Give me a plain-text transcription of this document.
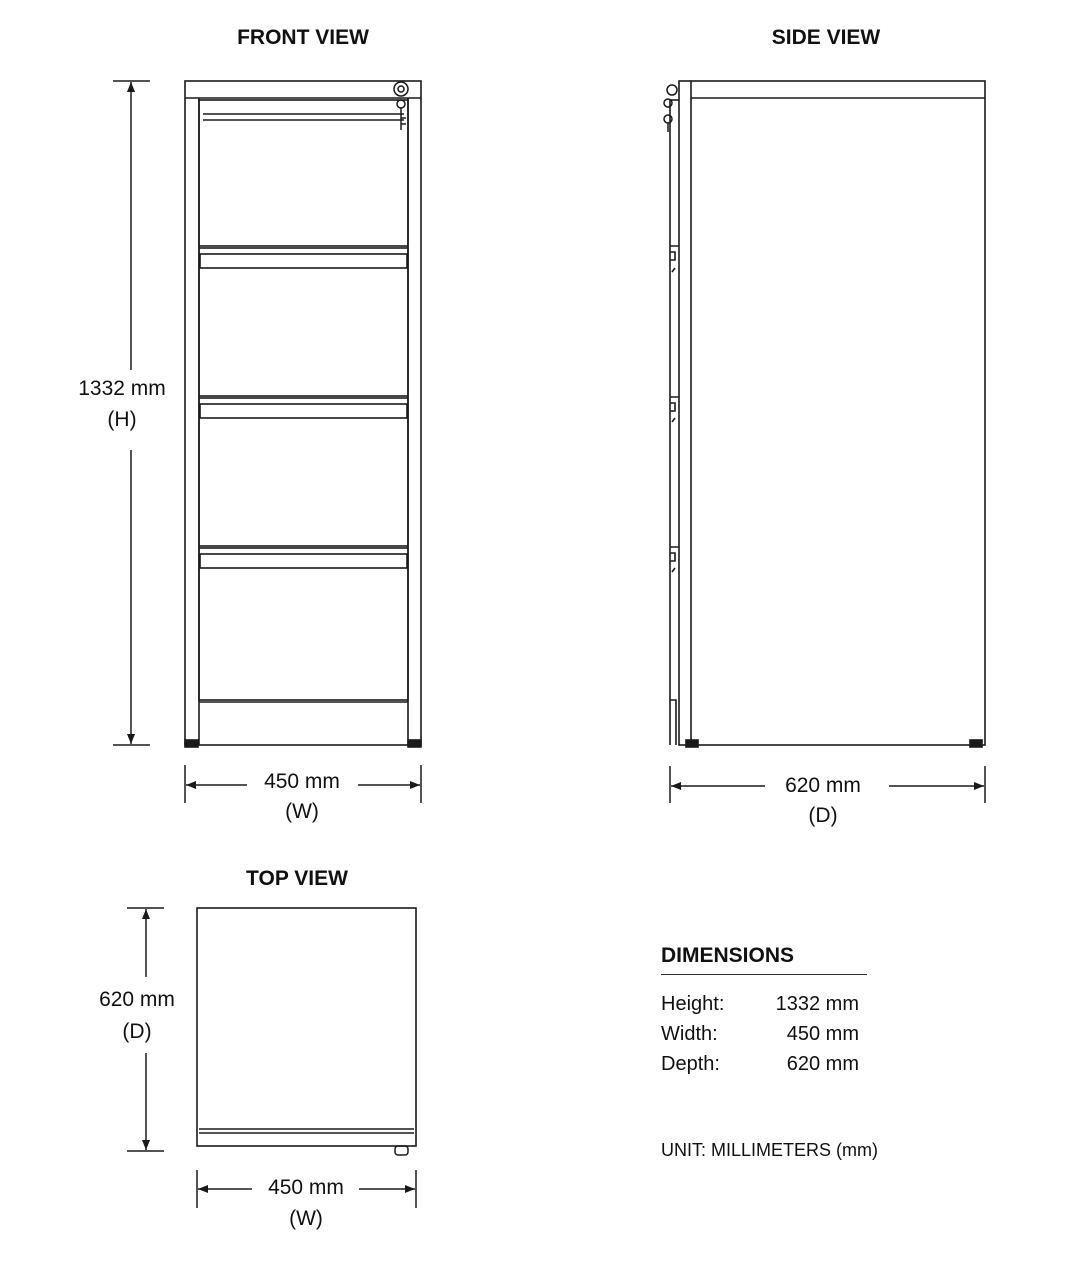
FRONT VIEW
1332 mm
(H)
450 mm
(W)
SIDE VIEW
620 mm
(D)
TOP VIEW
620 mm
(D)
450 mm
(W)
DIMENSIONS
Height:	1332 mm
Width:	450 mm
Depth:	620 mm
UNIT: MILLIMETERS (mm)
